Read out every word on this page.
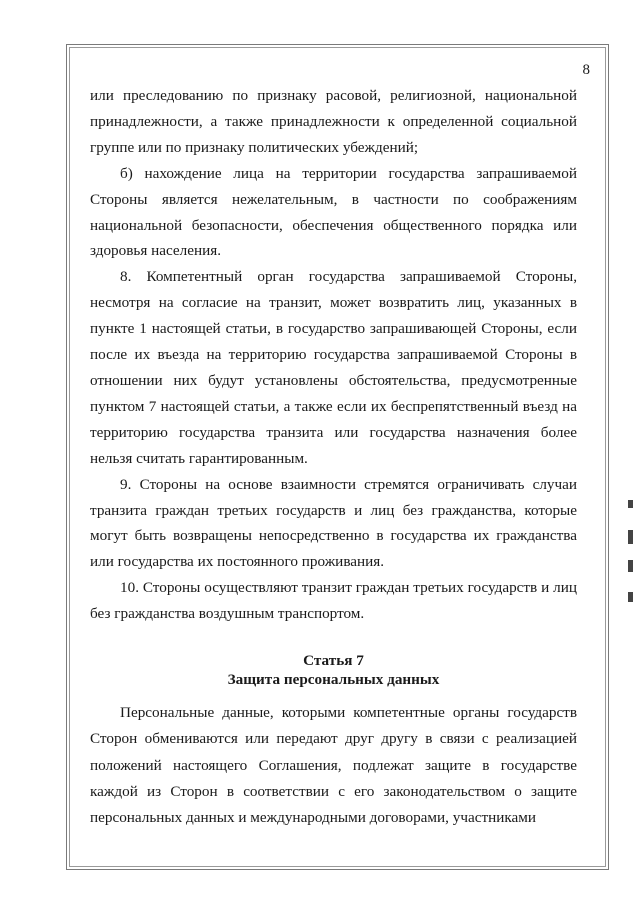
8

или преследованию по признаку расовой, религиозной, национальной принадлежности, а также принадлежности к определенной социальной группе или по признаку политических убеждений;

б) нахождение лица на территории государства запрашиваемой Стороны является нежелательным, в частности по соображениям национальной безопасности, обеспечения общественного порядка или здоровья населения.

8. Компетентный орган государства запрашиваемой Стороны, несмотря на согласие на транзит, может возвратить лиц, указанных в пункте 1 настоящей статьи, в государство запрашивающей Стороны, если после их въезда на территорию государства запрашиваемой Стороны в отношении них будут установлены обстоятельства, предусмотренные пунктом 7 настоящей статьи, а также если их беспрепятственный въезд на территорию государства транзита или государства назначения более нельзя считать гарантированным.

9. Стороны на основе взаимности стремятся ограничивать случаи транзита граждан третьих государств и лиц без гражданства, которые могут быть возвращены непосредственно в государства их гражданства или государства их постоянного проживания.

10. Стороны осуществляют транзит граждан третьих государств и лиц без гражданства воздушным транспортом.

Статья 7
Защита персональных данных

Персональные данные, которыми компетентные органы государств Сторон обмениваются или передают друг другу в связи с реализацией положений настоящего Соглашения, подлежат защите в государстве каждой из Сторон в соответствии с его законодательством о защите персональных данных и международными договорами, участниками
